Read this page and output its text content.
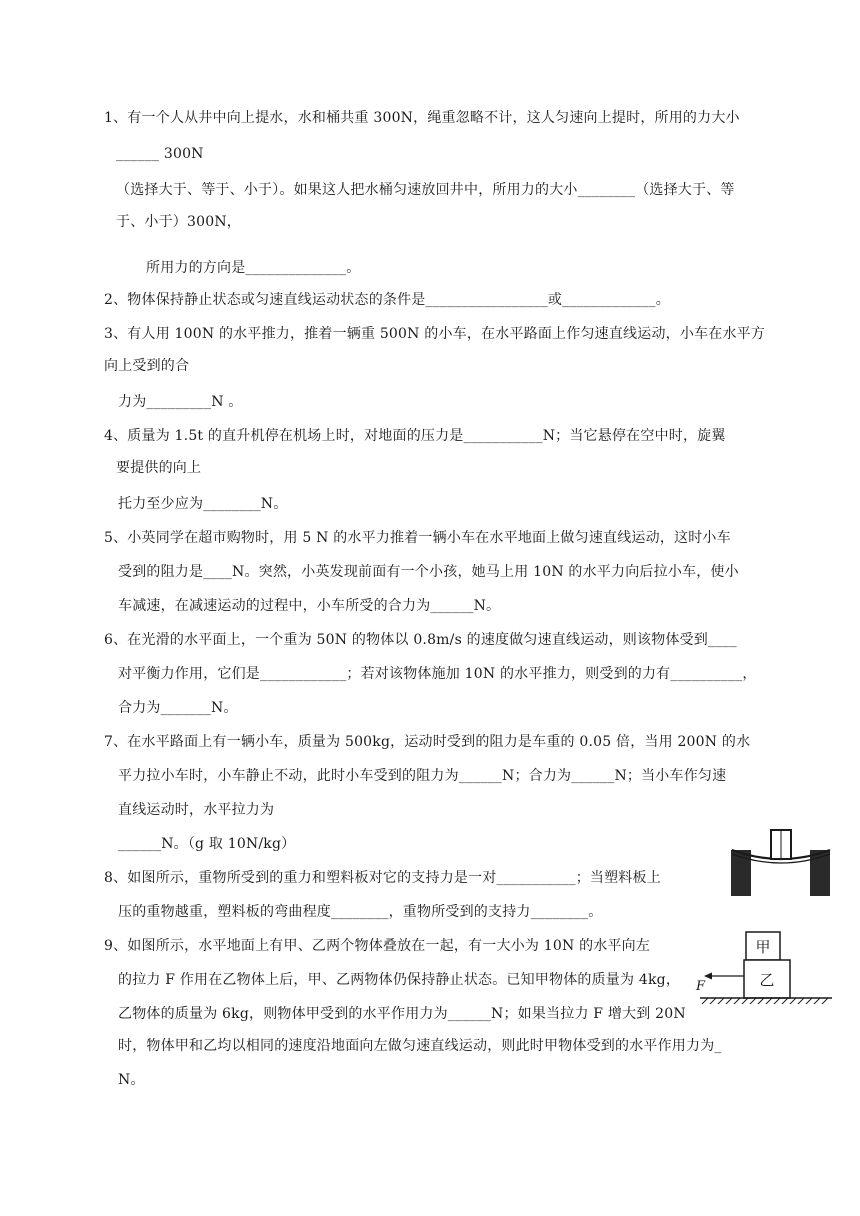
1、有一个人从井中向上提水，水和桶共重 300N，绳重忽略不计，这人匀速向上提时，所用的力大小
______ 300N
（选择大于、等于、小于）。如果这人把水桶匀速放回井中，所用力的大小________（选择大于、等
于、小于）300N，
所用力的方向是______________。
2、物体保持静止状态或匀速直线运动状态的条件是_________________或_____________。
3、有人用 100N 的水平推力，推着一辆重 500N 的小车，在水平路面上作匀速直线运动，小车在水平方
向上受到的合
力为_________N 。
4、质量为 1.5t 的直升机停在机场上时，对地面的压力是___________N；当它悬停在空中时，旋翼
要提供的向上
托力至少应为________N。
5、小英同学在超市购物时，用 5 N 的水平力推着一辆小车在水平地面上做匀速直线运动，这时小车
受到的阻力是____N。突然，小英发现前面有一个小孩，她马上用 10N 的水平力向后拉小车，使小
车减速，在减速运动的过程中，小车所受的合力为______N。
6、在光滑的水平面上，一个重为 50N 的物体以 0.8m/s 的速度做匀速直线运动，则该物体受到____
对平衡力作用，它们是____________；若对该物体施加 10N 的水平推力，则受到的力有__________，
合力为_______N。
7、在水平路面上有一辆小车，质量为 500kg，运动时受到的阻力是车重的 0.05 倍，当用 200N 的水
平力拉小车时，小车静止不动，此时小车受到的阻力为______N；合力为______N；当小车作匀速
直线运动时，水平拉力为
______N。（g 取 10N/kg）
8、如图所示，重物所受到的重力和塑料板对它的支持力是一对___________；当塑料板上
压的重物越重，塑料板的弯曲程度________，重物所受到的支持力________。
9、如图所示，水平地面上有甲、乙两个物体叠放在一起，有一大小为 10N 的水平向左
的拉力 F 作用在乙物体上后，甲、乙两物体仍保持静止状态。已知甲物体的质量为 4kg，
乙物体的质量为 6kg，则物体甲受到的水平作用力为______N；如果当拉力 F 增大到 20N
时，物体甲和乙均以相同的速度沿地面向左做匀速直线运动，则此时甲物体受到的水平作用力为_
N。
甲
乙
F
